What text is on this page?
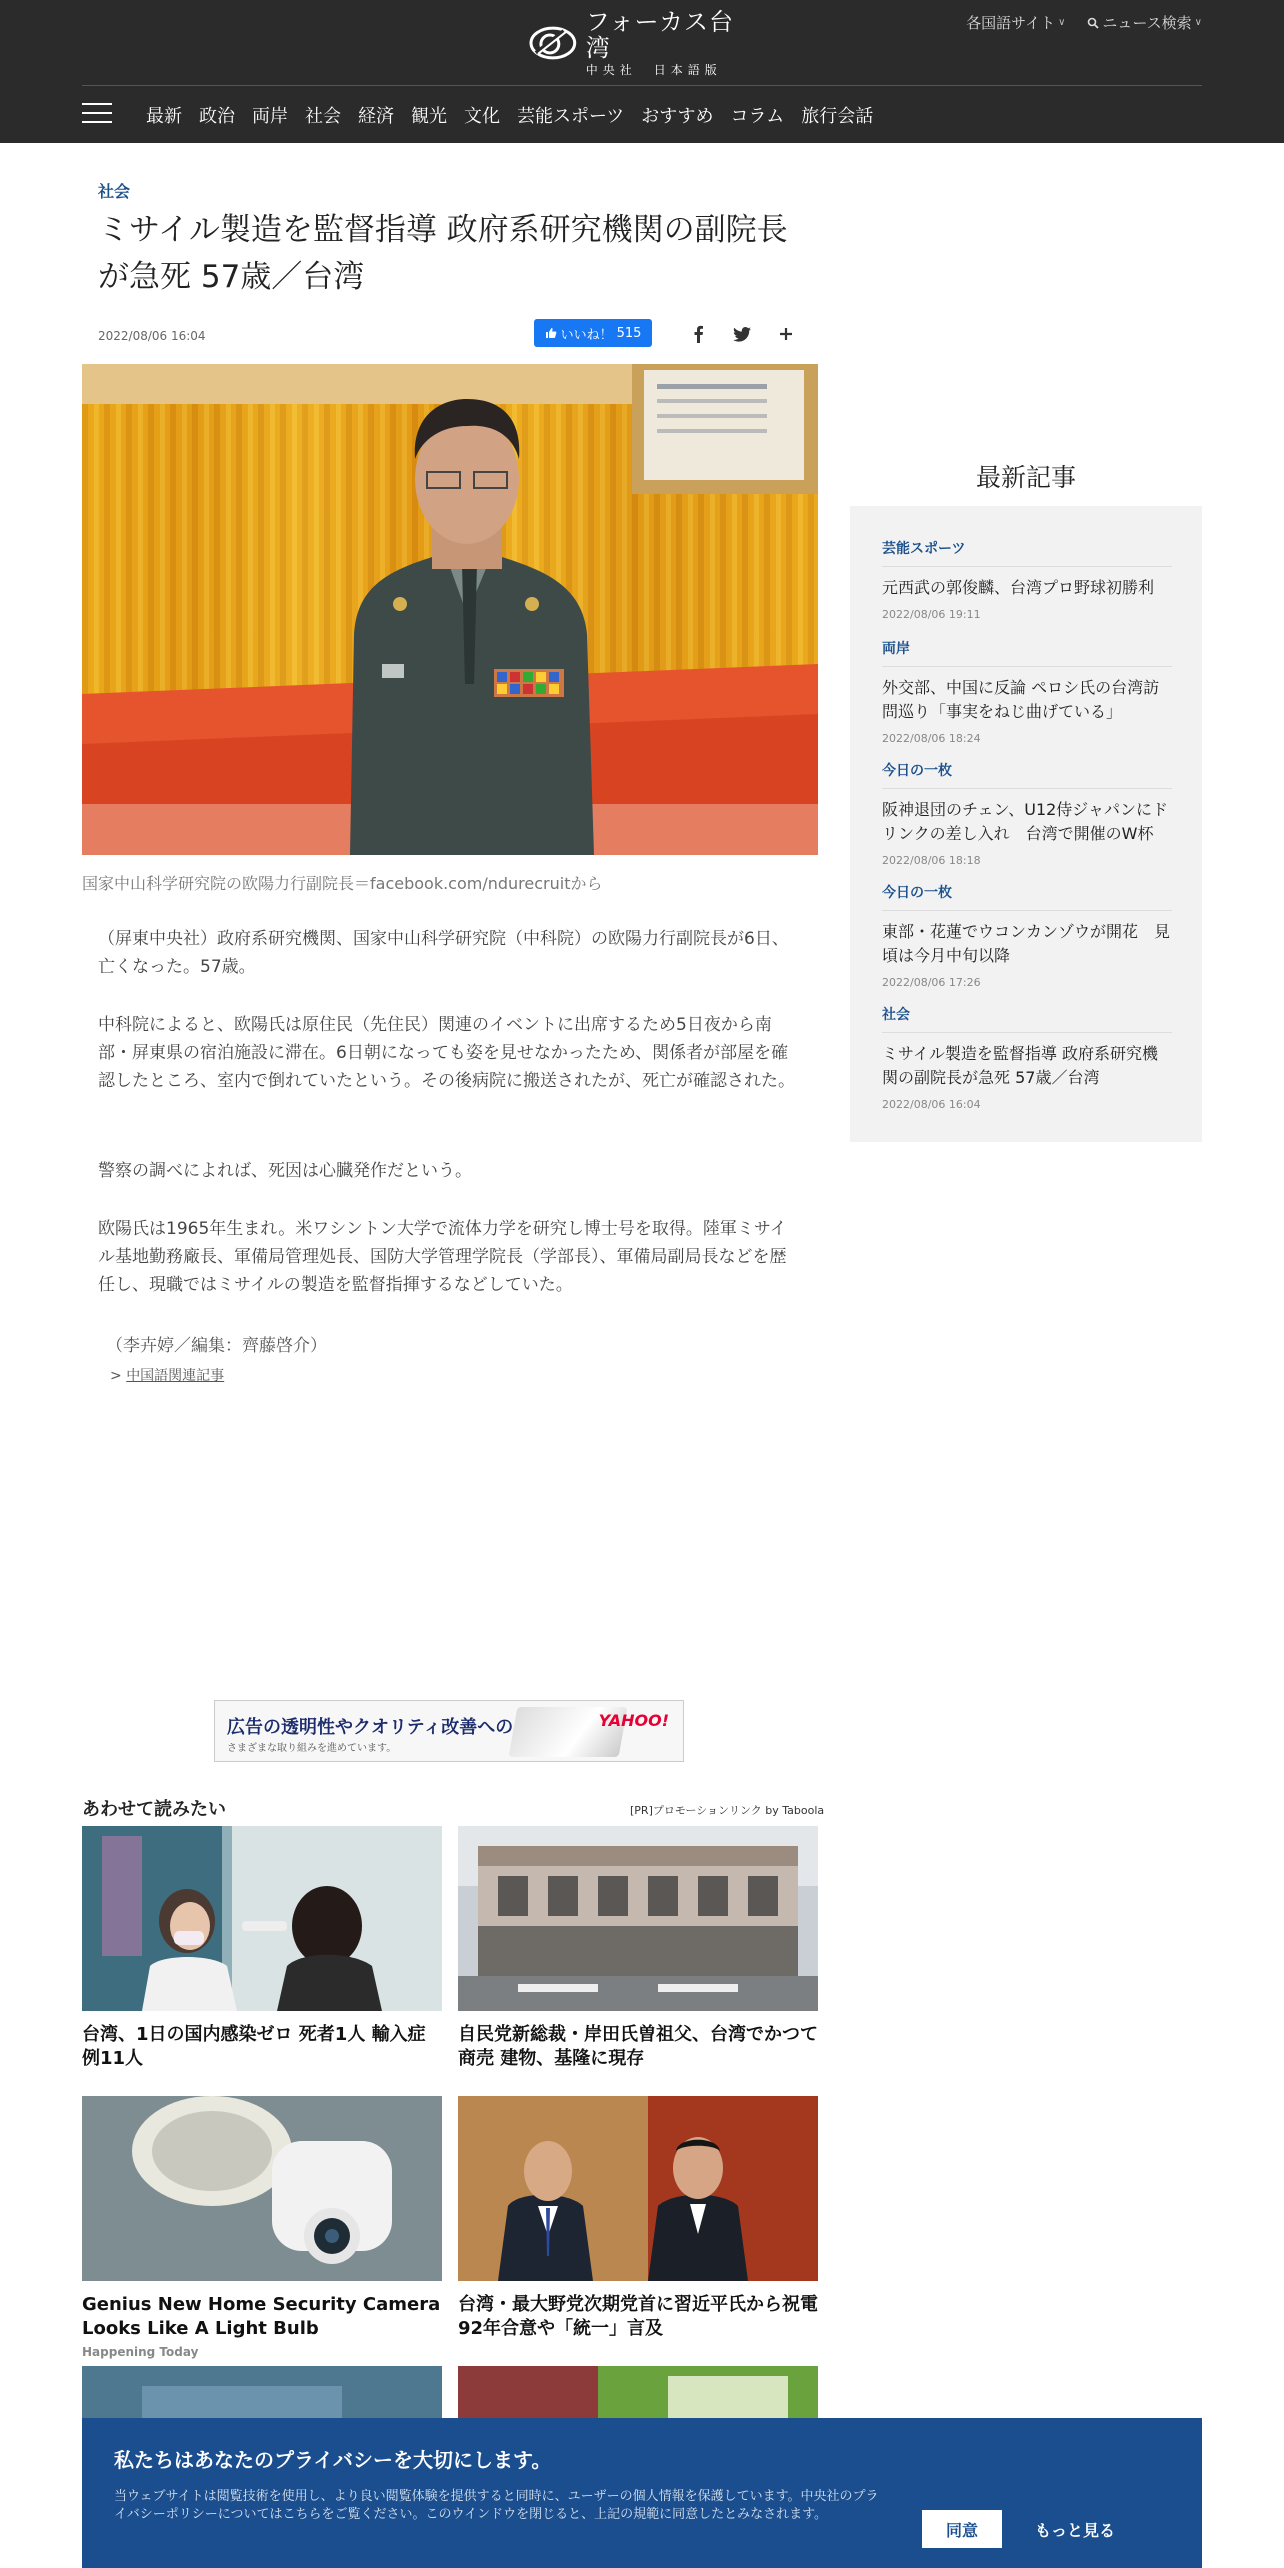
フォーカス台湾
中央社　日本語版
各国語サイト ∨ ニュース検索 ∨
最新 政治 両岸 社会 経済 観光 文化 芸能スポーツ おすすめ コラム 旅行会話
社会
ミサイル製造を監督指導 政府系研究機関の副院長が急死 57歳／台湾
2022/08/06 16:04	いいね！ 515
国家中山科学研究院の欧陽力行副院長＝facebook.com/ndurecruitから

（屏東中央社）政府系研究機関、国家中山科学研究院（中科院）の欧陽力行副院長が6日、亡くなった。57歳。

中科院によると、欧陽氏は原住民（先住民）関連のイベントに出席するため5日夜から南部・屏東県の宿泊施設に滞在。6日朝になっても姿を見せなかったため、関係者が部屋を確認したところ、室内で倒れていたという。その後病院に搬送されたが、死亡が確認された。

警察の調べによれば、死因は心臓発作だという。

欧陽氏は1965年生まれ。米ワシントン大学で流体力学を研究し博士号を取得。陸軍ミサイル基地勤務廠長、軍備局管理処長、国防大学管理学院長（学部長）、軍備局副局長などを歴任し、現職ではミサイルの製造を監督指揮するなどしていた。

（李卉婷／編集：齊藤啓介）
> 中国語関連記事
最新記事
芸能スポーツ
元西武の郭俊麟、台湾プロ野球初勝利
2022/08/06 19:11
両岸
外交部、中国に反論 ペロシ氏の台湾訪問巡り「事実をねじ曲げている」
2022/08/06 18:24
今日の一枚
阪神退団のチェン、U12侍ジャパンにドリンクの差し入れ　台湾で開催のW杯
2022/08/06 18:18
今日の一枚
東部・花蓮でウコンカンゾウが開花　見頃は今月中旬以降
2022/08/06 17:26
社会
ミサイル製造を監督指導 政府系研究機関の副院長が急死 57歳／台湾
2022/08/06 16:04
広告の透明性やクオリティ改善への
さまざまな取り組みを進めています。
YAHOO!
あわせて読みたい	[PR]プロモーションリンク by Taboola
台湾、1日の国内感染ゼロ 死者1人 輸入症例11人
自民党新総裁・岸田氏曽祖父、台湾でかつて商売 建物、基隆に現存
Genius New Home Security Camera Looks Like A Light Bulb
Happening Today
台湾・最大野党次期党首に習近平氏から祝電 92年合意や「統一」言及
私たちはあなたのプライバシーを大切にします。
当ウェブサイトは閲覧技術を使用し、より良い閲覧体験を提供すると同時に、ユーザーの個人情報を保護しています。中央社のプライバシーポリシーについてはこちらをご覧ください。このウインドウを閉じると、上記の規範に同意したとみなされます。
同意	もっと見る
